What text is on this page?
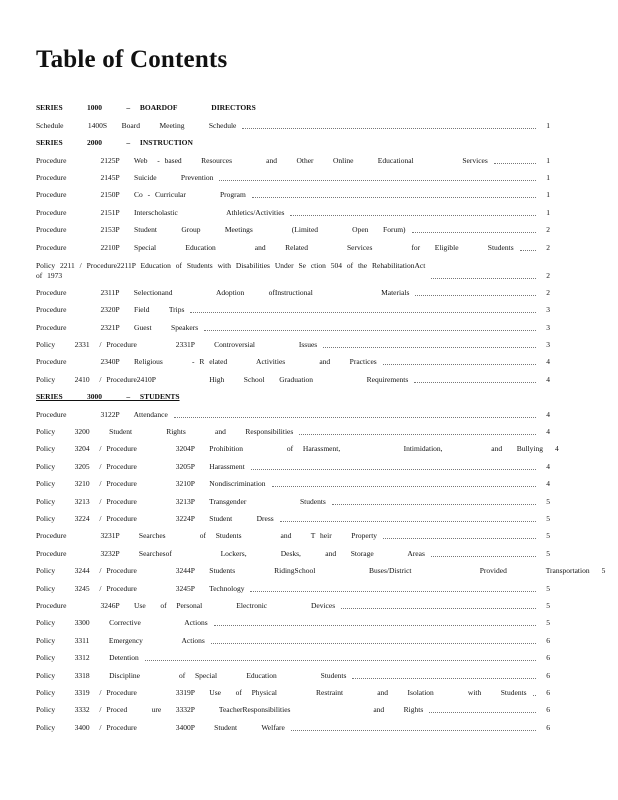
Table of Contents
SERIES     1000     –  BOARDOF       DIRECTORS
Schedule     1400S   Board    Meeting     Schedule	1
SERIES     2000     –  INSTRUCTION
Procedure       2125P   Web  - based    Resources       and    Other    Online     Educational          Services	1
Procedure       2145P   Suicide     Prevention	1
Procedure       2150P   Co - Curricular       Program	1
Procedure       2151P   Interscholastic          Athletics/Activities	1
Procedure       2153P   Student     Group     Meetings        (Limited       Open   Forum)	2
Procedure       2210P   Special      Education        and    Related        Services        for   Eligible      Students	2
Policy 2211 / Procedure2211P Education of Students with Disabilities Under Se ction 504 of the RehabilitationAct
of 1973	2
Procedure       2311P   Selectionand         Adoption     ofInstructional              Materials	2
Procedure       2320P   Field    Trips	3
Procedure       2321P   Guest    Speakers	3
Policy    2331  / Procedure        2331P    Controversial         Issues	3
Procedure       2340P   Religious      - R elated      Activities       and    Practices	4
Policy    2410  / Procedure2410P           High    School   Graduation           Requirements	4
SERIES     3000     –  STUDENTS
Procedure       3122P   Attendance	4
Policy    3200    Student       Rights      and    Responsibilities	4
Policy    3204  / Procedure        3204P   Prohibition         of  Harassment,             Intimidation,          and   Bullying 4
Policy    3205  / Procedure        3205P   Harassment	4
Policy    3210  / Procedure        3210P   Nondiscrimination	4
Policy    3213  / Procedure        3213P   Transgender           Students	5
Policy    3224  / Procedure        3224P   Student     Dress	5
Procedure       3231P    Searches       of  Students        and    T heir    Property	5
Procedure       3232P    Searchesof          Lockers,       Desks,     and   Storage       Areas	5
Policy    3244  / Procedure        3244P   Students        RidingSchool           Buses/District              Provided        Transportation 5
Policy    3245  / Procedure        3245P   Technology	5
Procedure       3246P   Use   of  Personal       Electronic         Devices	5
Policy    3300    Corrective         Actions	5
Policy    3311    Emergency        Actions	6
Policy    3312    Detention	6
Policy    3318    Discipline        of  Special      Education         Students	6
Policy    3319  / Procedure        3319P   Use   of  Physical        Restraint       and    Isolation       with    Students	6
Policy    3332  / Proced     ure   3332P     TeacherResponsibilities                 and    Rights	6
Policy    3400  / Procedure        3400P    Student     Welfare	6
